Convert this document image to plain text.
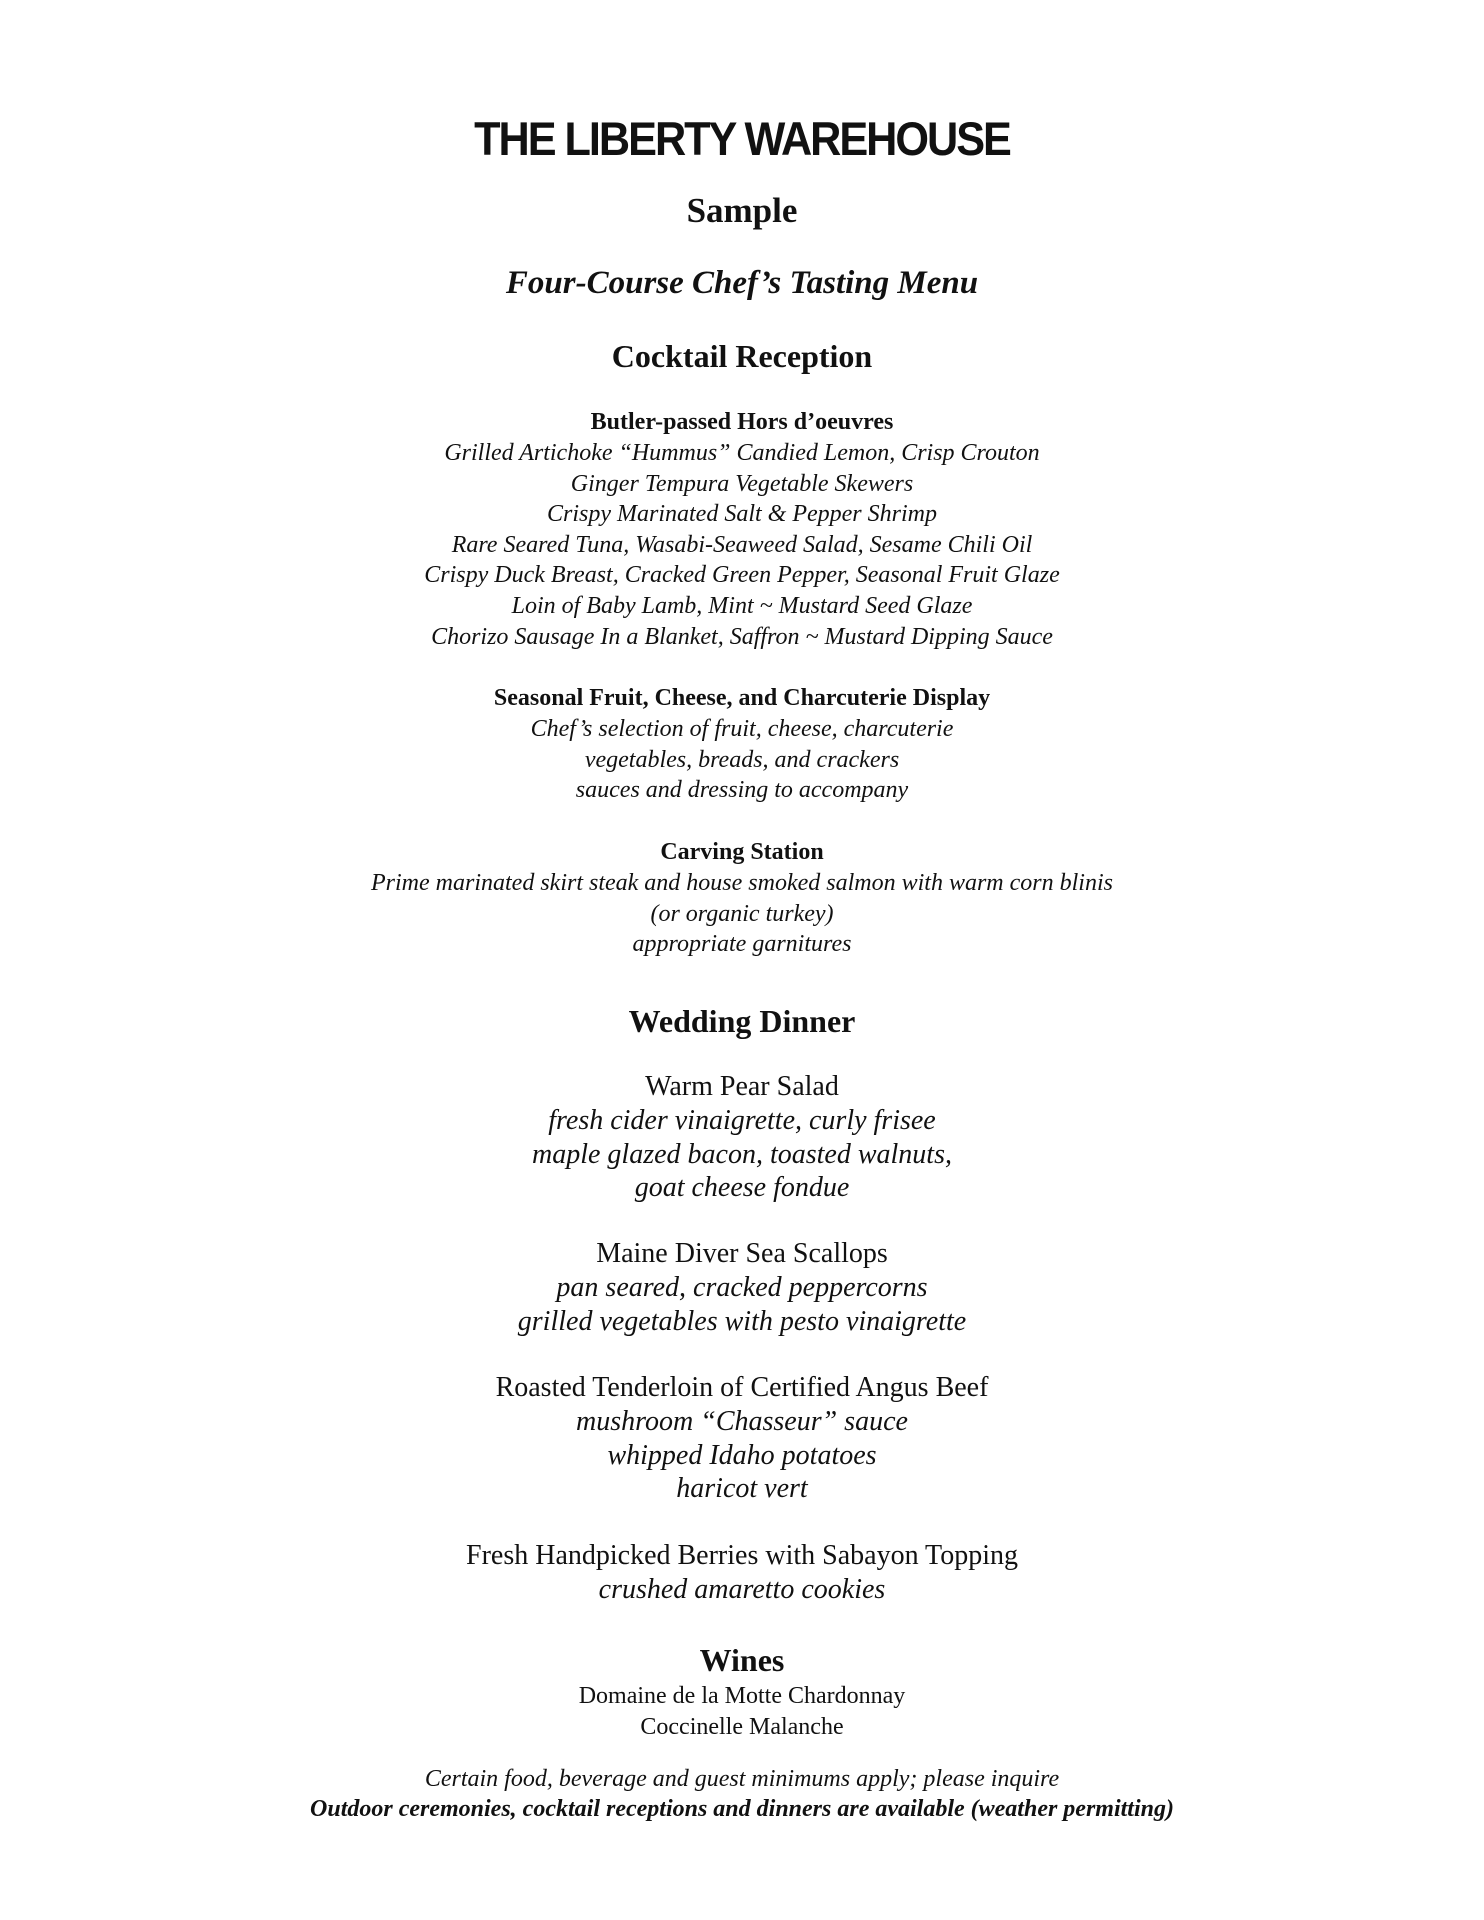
THE LIBERTY WAREHOUSE
Sample
Four-Course Chef’s Tasting Menu
Cocktail Reception
Butler-passed Hors d’oeuvres
Grilled Artichoke “Hummus” Candied Lemon, Crisp Crouton
Ginger Tempura Vegetable Skewers
Crispy Marinated Salt & Pepper Shrimp
Rare Seared Tuna, Wasabi-Seaweed Salad, Sesame Chili Oil
Crispy Duck Breast, Cracked Green Pepper, Seasonal Fruit Glaze
Loin of Baby Lamb, Mint ~ Mustard Seed Glaze
Chorizo Sausage In a Blanket, Saffron ~ Mustard Dipping Sauce
Seasonal Fruit, Cheese, and Charcuterie Display
Chef’s selection of fruit, cheese, charcuterie
vegetables, breads, and crackers
sauces and dressing to accompany
Carving Station
Prime marinated skirt steak and house smoked salmon with warm corn blinis
(or organic turkey)
appropriate garnitures
Wedding Dinner
Warm Pear Salad
fresh cider vinaigrette, curly frisee
maple glazed bacon, toasted walnuts,
goat cheese fondue
Maine Diver Sea Scallops
pan seared, cracked peppercorns
grilled vegetables with pesto vinaigrette
Roasted Tenderloin of Certified Angus Beef
mushroom “Chasseur” sauce
whipped Idaho potatoes
haricot vert
Fresh Handpicked Berries with Sabayon Topping
crushed amaretto cookies
Wines
Domaine de la Motte Chardonnay
Coccinelle Malanche
Certain food, beverage and guest minimums apply; please inquire
Outdoor ceremonies, cocktail receptions and dinners are available (weather permitting)
